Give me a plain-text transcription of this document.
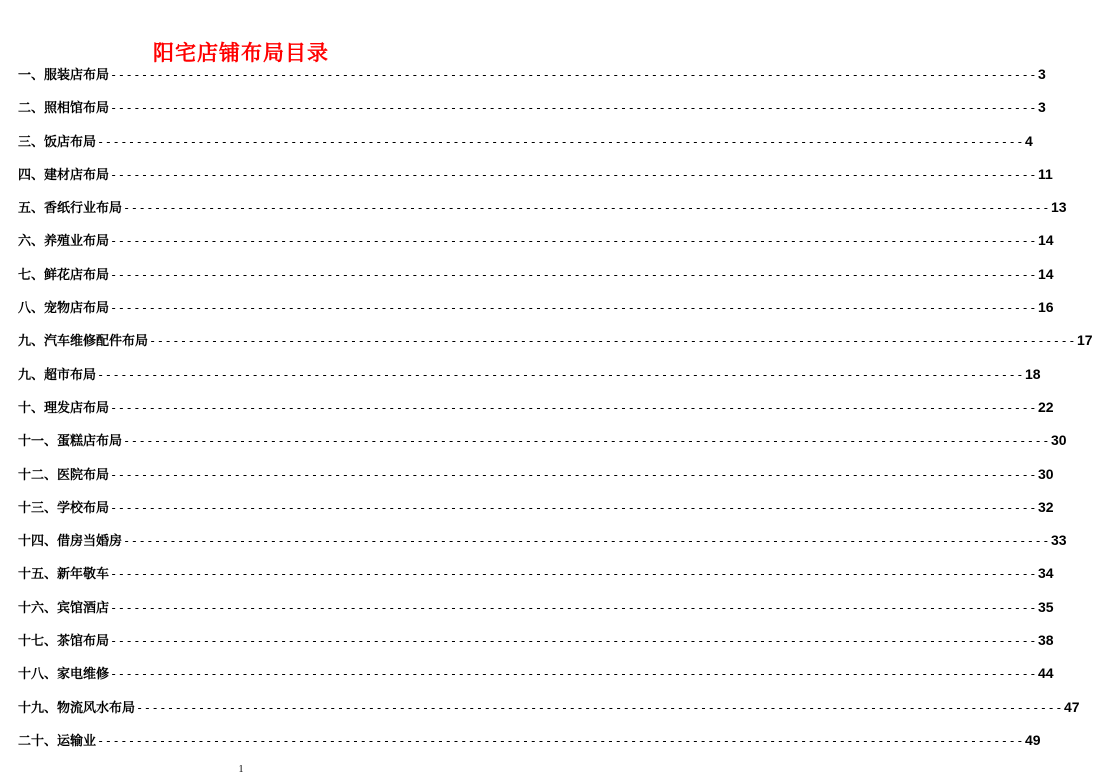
阳宅店铺布局目录
一、服装店布局 ------------------------------------------------------------------------------------------------------------------------ 3
二、照相馆布局 ------------------------------------------------------------------------------------------------------------------------ 3
三、饭店布局 ------------------------------------------------------------------------------------------------------------------------ 4
四、建材店布局 ------------------------------------------------------------------------------------------------------------------------ 11
五、香纸行业布局 ------------------------------------------------------------------------------------------------------------------------ 13
六、养殖业布局 ------------------------------------------------------------------------------------------------------------------------ 14
七、鲜花店布局 ------------------------------------------------------------------------------------------------------------------------ 14
八、宠物店布局 ------------------------------------------------------------------------------------------------------------------------ 16
九、汽车维修配件布局 ------------------------------------------------------------------------------------------------------------------------ 17
九、超市布局 ------------------------------------------------------------------------------------------------------------------------ 18
十、理发店布局 ------------------------------------------------------------------------------------------------------------------------ 22
十一、蛋糕店布局 ------------------------------------------------------------------------------------------------------------------------ 30
十二、医院布局 ------------------------------------------------------------------------------------------------------------------------ 30
十三、学校布局 ------------------------------------------------------------------------------------------------------------------------ 32
十四、借房当婚房 ------------------------------------------------------------------------------------------------------------------------ 33
十五、新年敬车 ------------------------------------------------------------------------------------------------------------------------ 34
十六、宾馆酒店 ------------------------------------------------------------------------------------------------------------------------ 35
十七、茶馆布局 ------------------------------------------------------------------------------------------------------------------------ 38
十八、家电维修 ------------------------------------------------------------------------------------------------------------------------ 44
十九、物流风水布局 ------------------------------------------------------------------------------------------------------------------------ 47
二十、运输业 ------------------------------------------------------------------------------------------------------------------------ 49
1
